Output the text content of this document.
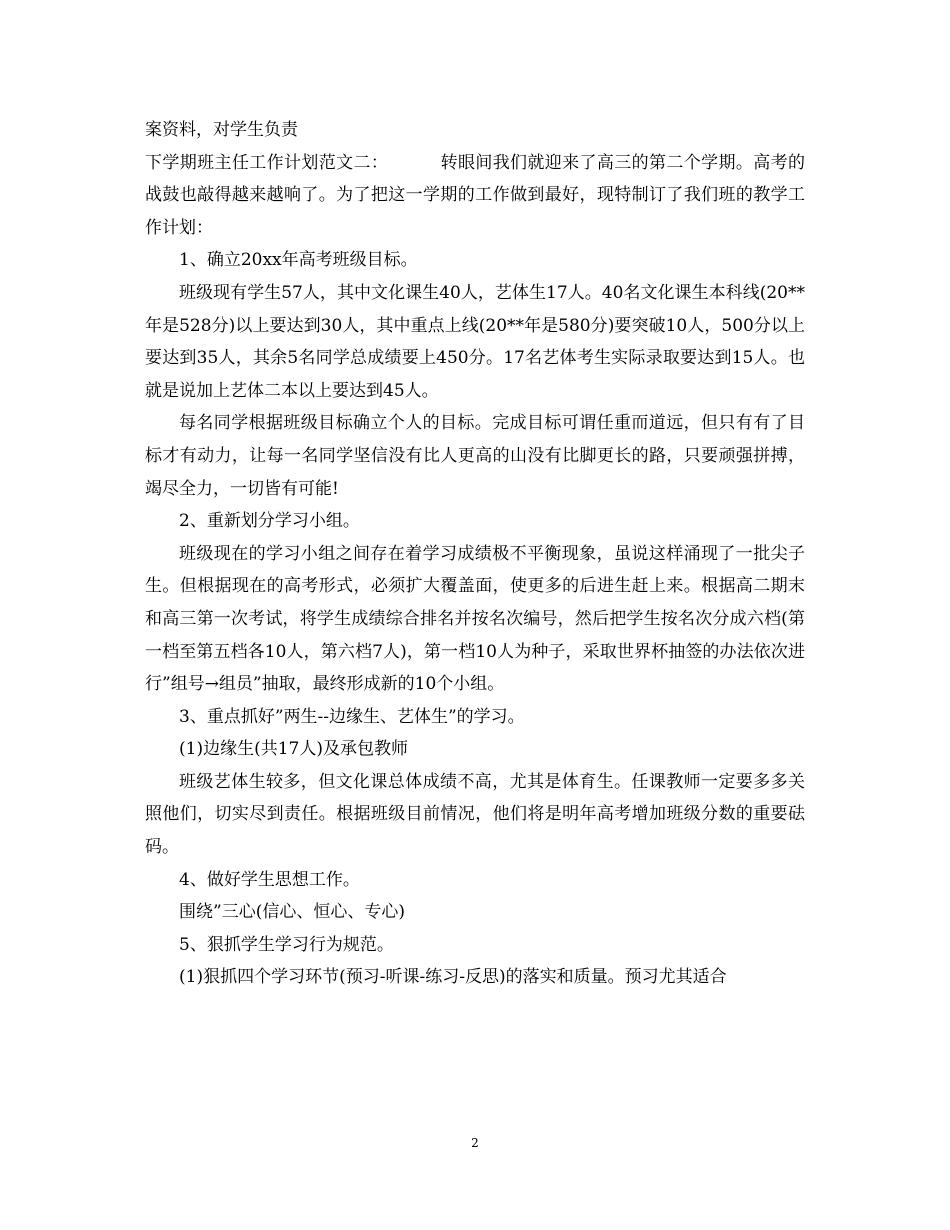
案资料，对学生负责

下学期班主任工作计划范文二：	转眼间我们就迎来了高三的第二个学期。高考的战鼓也敲得越来越响了。为了把这一学期的工作做到最好，现特制订了我们班的教学工作计划：

1、确立20xx年高考班级目标。

班级现有学生57人，其中文化课生40人，艺体生17人。40名文化课生本科线(20**年是528分)以上要达到30人，其中重点上线(20**年是580分)要突破10人，500分以上要达到35人，其余5名同学总成绩要上450分。17名艺体考生实际录取要达到15人。也就是说加上艺体二本以上要达到45人。

每名同学根据班级目标确立个人的目标。完成目标可谓任重而道远，但只有有了目标才有动力，让每一名同学坚信没有比人更高的山没有比脚更长的路，只要顽强拼搏，竭尽全力，一切皆有可能!

2、重新划分学习小组。

班级现在的学习小组之间存在着学习成绩极不平衡现象，虽说这样涌现了一批尖子生。但根据现在的高考形式，必须扩大覆盖面，使更多的后进生赶上来。根据高二期末和高三第一次考试，将学生成绩综合排名并按名次编号，然后把学生按名次分成六档(第一档至第五档各10人，第六档7人)，第一档10人为种子，采取世界杯抽签的办法依次进行”组号→组员”抽取，最终形成新的10个小组。

3、重点抓好”两生--边缘生、艺体生”的学习。

(1)边缘生(共17人)及承包教师

班级艺体生较多，但文化课总体成绩不高，尤其是体育生。任课教师一定要多多关照他们，切实尽到责任。根据班级目前情况，他们将是明年高考增加班级分数的重要砝码。

4、做好学生思想工作。

围绕”三心(信心、恒心、专心)

5、狠抓学生学习行为规范。

(1)狠抓四个学习环节(预习-听课-练习-反思)的落实和质量。预习尤其适合

2
